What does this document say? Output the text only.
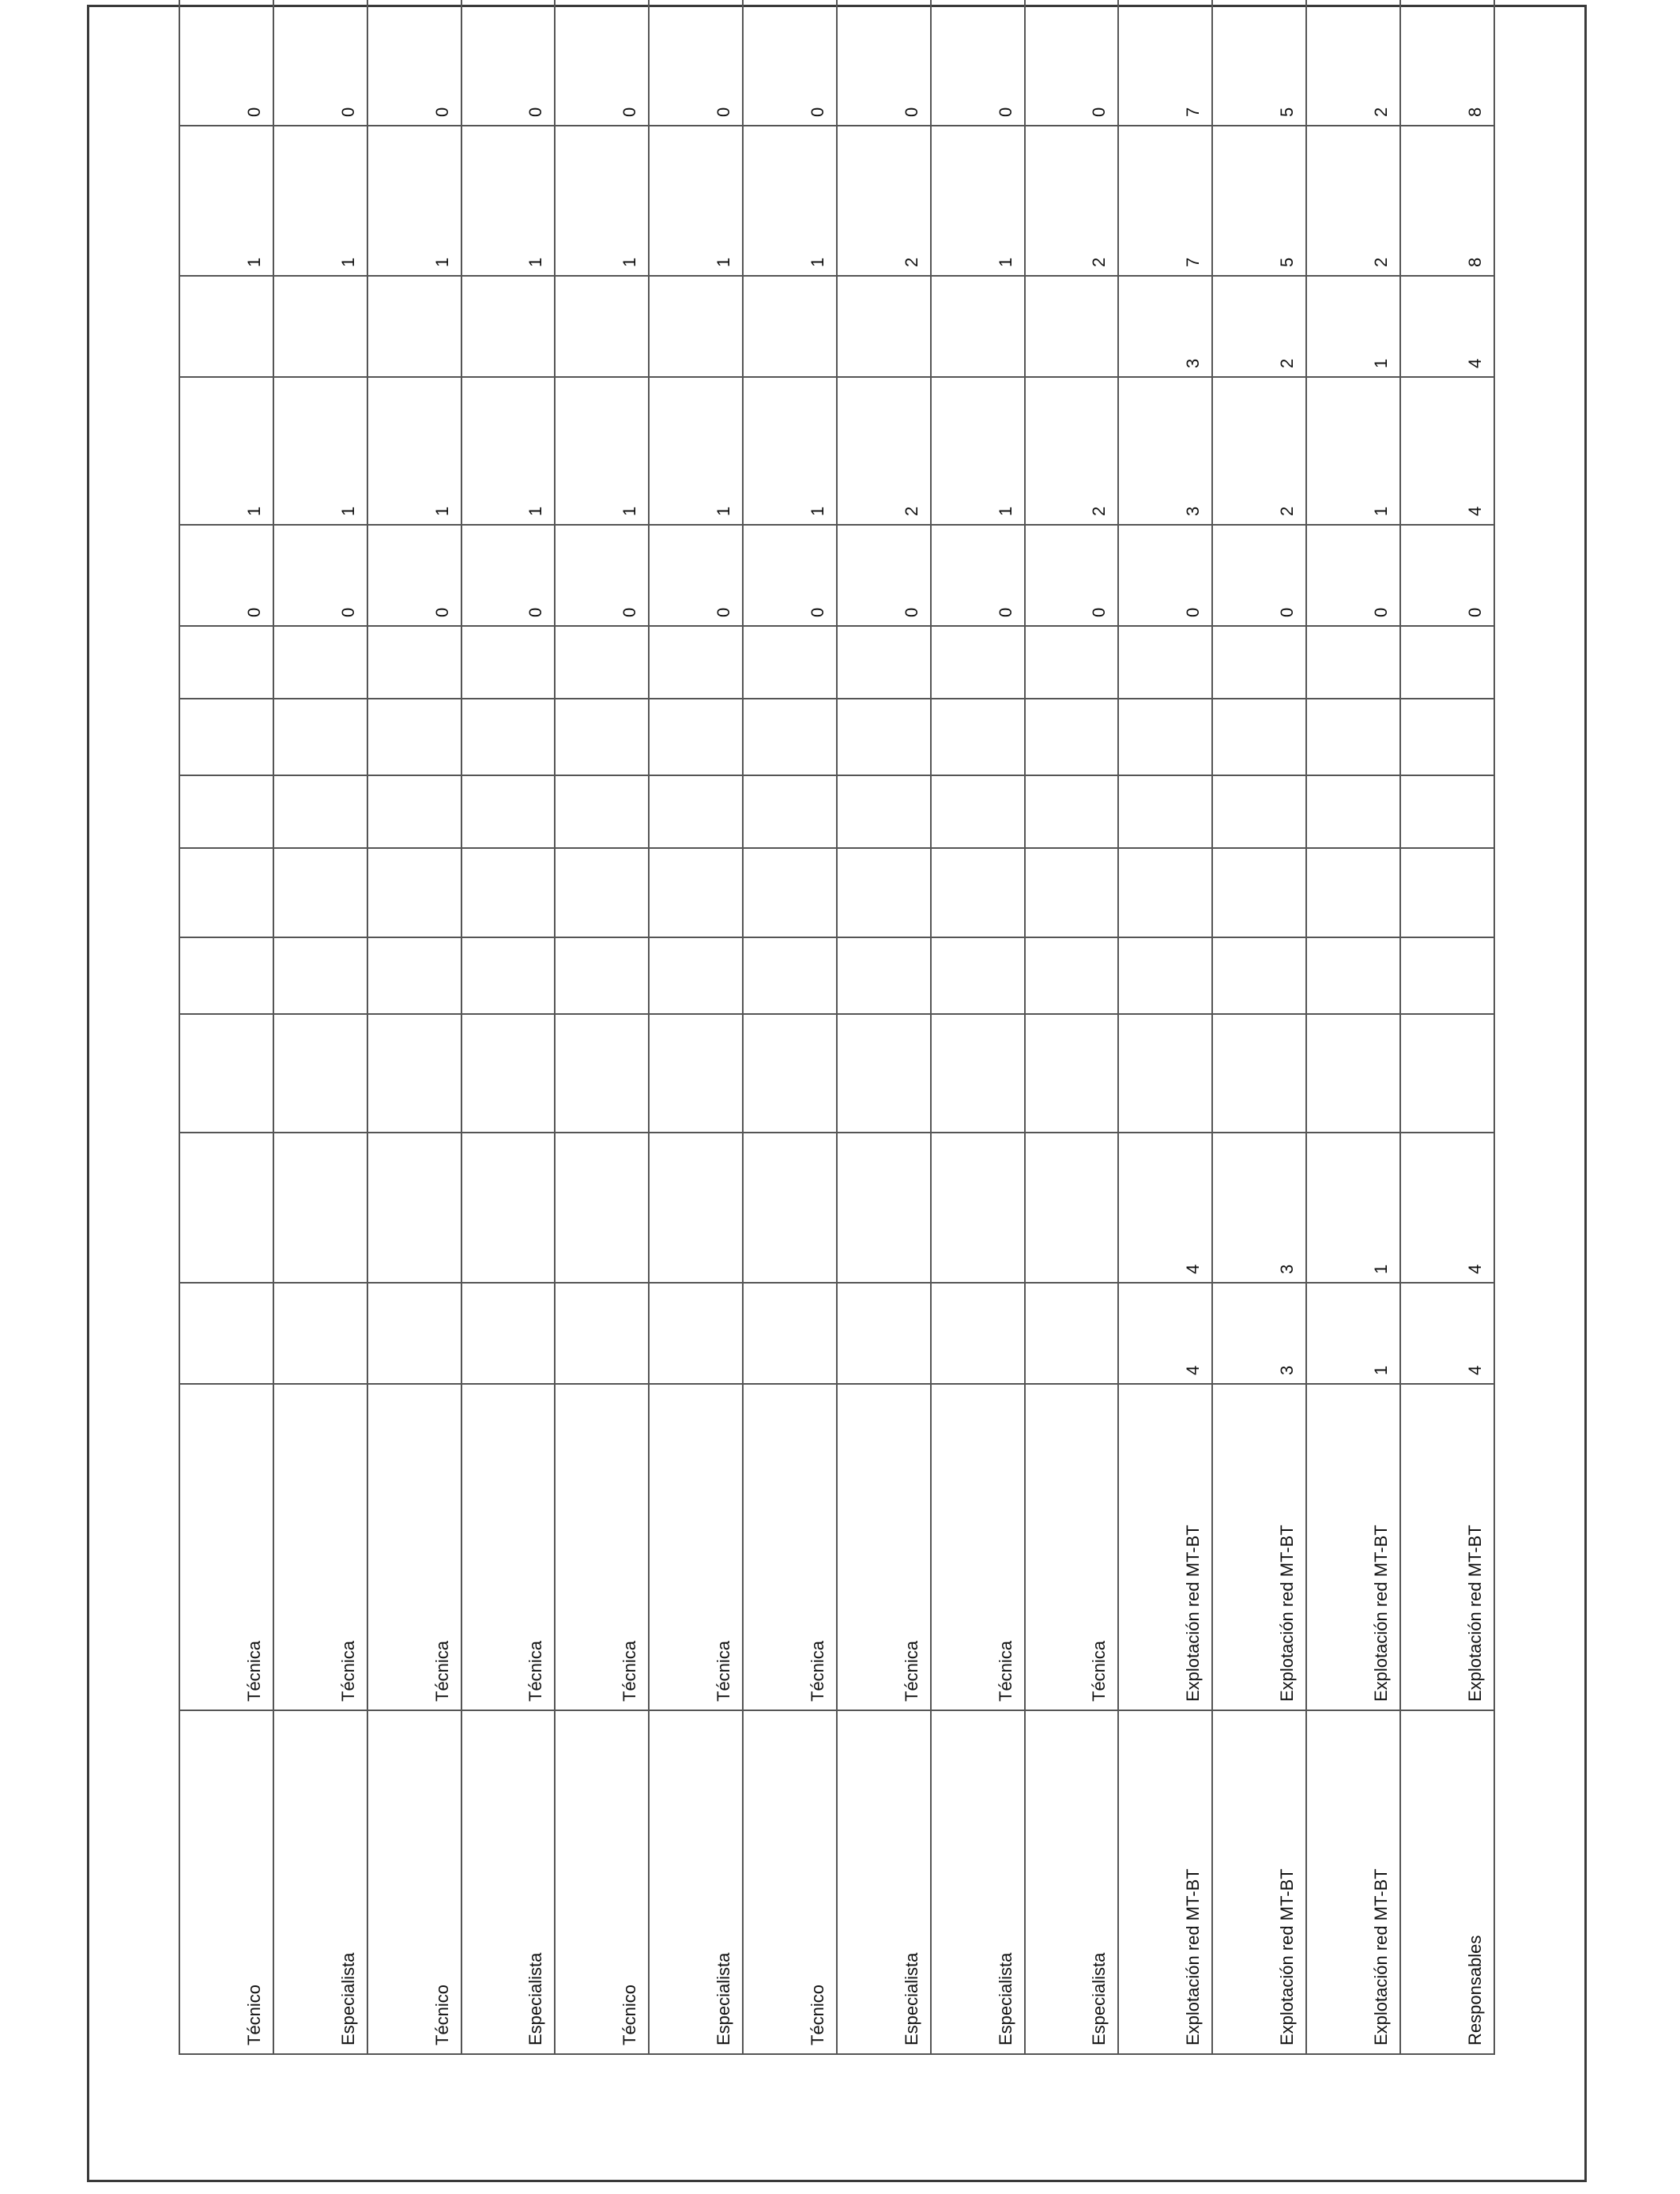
Técnico	Técnica									0	1		1	0
Especialista	Técnica									0	1		1	0
Técnico	Técnica									0	1		1	0
Especialista	Técnica									0	1		1	0
Técnico	Técnica									0	1		1	0
Especialista	Técnica									0	1		1	0
Técnico	Técnica									0	1		1	0
Especialista	Técnica									0	2		2	0
Especialista	Técnica									0	1		1	0
Especialista	Técnica									0	2		2	0
Explotación red MT-BT	Explotación red MT-BT	4	4							0	3	3	7	7
Explotación red MT-BT	Explotación red MT-BT	3	3							0	2	2	5	5
Explotación red MT-BT	Explotación red MT-BT	1	1							0	1	1	2	2
Responsables	Explotación red MT-BT	4	4							0	4	4	8	8
